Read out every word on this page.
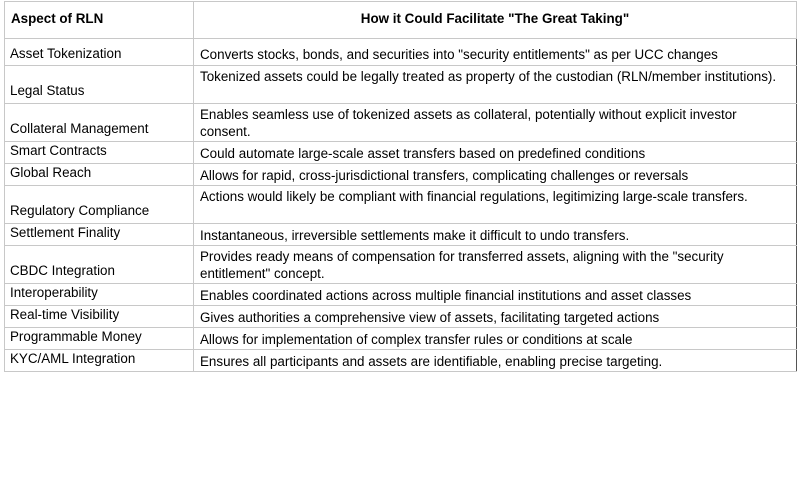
Aspect of RLN	How it Could Facilitate "The Great Taking"
Asset Tokenization	Converts stocks, bonds, and securities into "security entitlements" as per UCC changes
Legal Status	Tokenized assets could be legally treated as property of the custodian (RLN/member institutions).
Collateral Management	Enables seamless use of tokenized assets as collateral, potentially without explicit investor consent.
Smart Contracts	Could automate large-scale asset transfers based on predefined conditions
Global Reach	Allows for rapid, cross-jurisdictional transfers, complicating challenges or reversals
Regulatory Compliance	Actions would likely be compliant with financial regulations, legitimizing large-scale transfers.
Settlement Finality	Instantaneous, irreversible settlements make it difficult to undo transfers.
CBDC Integration	Provides ready means of compensation for transferred assets, aligning with the "security entitlement" concept.
Interoperability	Enables coordinated actions across multiple financial institutions and asset classes
Real-time Visibility	Gives authorities a comprehensive view of assets, facilitating targeted actions
Programmable Money	Allows for implementation of complex transfer rules or conditions at scale
KYC/AML Integration	Ensures all participants and assets are identifiable, enabling precise targeting.
